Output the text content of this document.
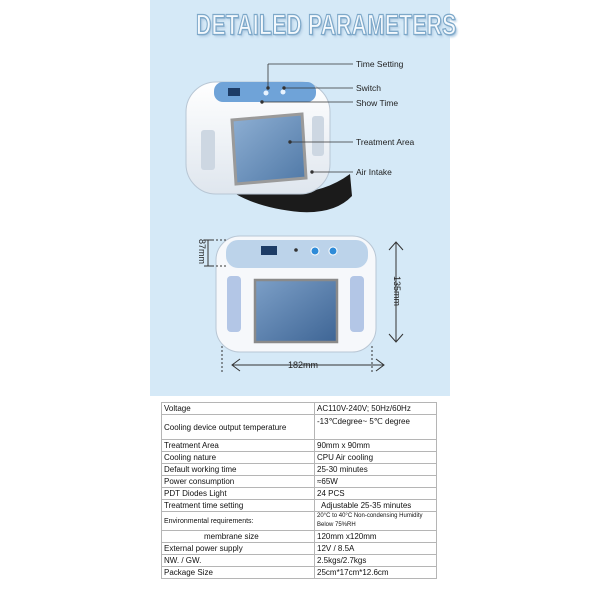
DETAILED PARAMETERS
Time Setting
Switch
Show Time
Treatment Area
Air Intake
87mm
135mm
182mm
Voltage	AC110V-240V; 50Hz/60Hz
Cooling device output temperature	-13℃degree~ 5℃ degree
Treatment Area	90mm x 90mm
Cooling nature	CPU Air cooling
Default working time	25-30 minutes
Power consumption	≈65W
PDT Diodes Light	24 PCS
Treatment time setting	Adjustable 25-35 minutes
Environmental requirements:	20°C to 40°C Non-condensing Humidity Below 75%RH
membrane size	120mm x120mm
External power supply	12V / 8.5A
NW. / GW.	2.5kgs/2.7kgs
Package Size	25cm*17cm*12.6cm
